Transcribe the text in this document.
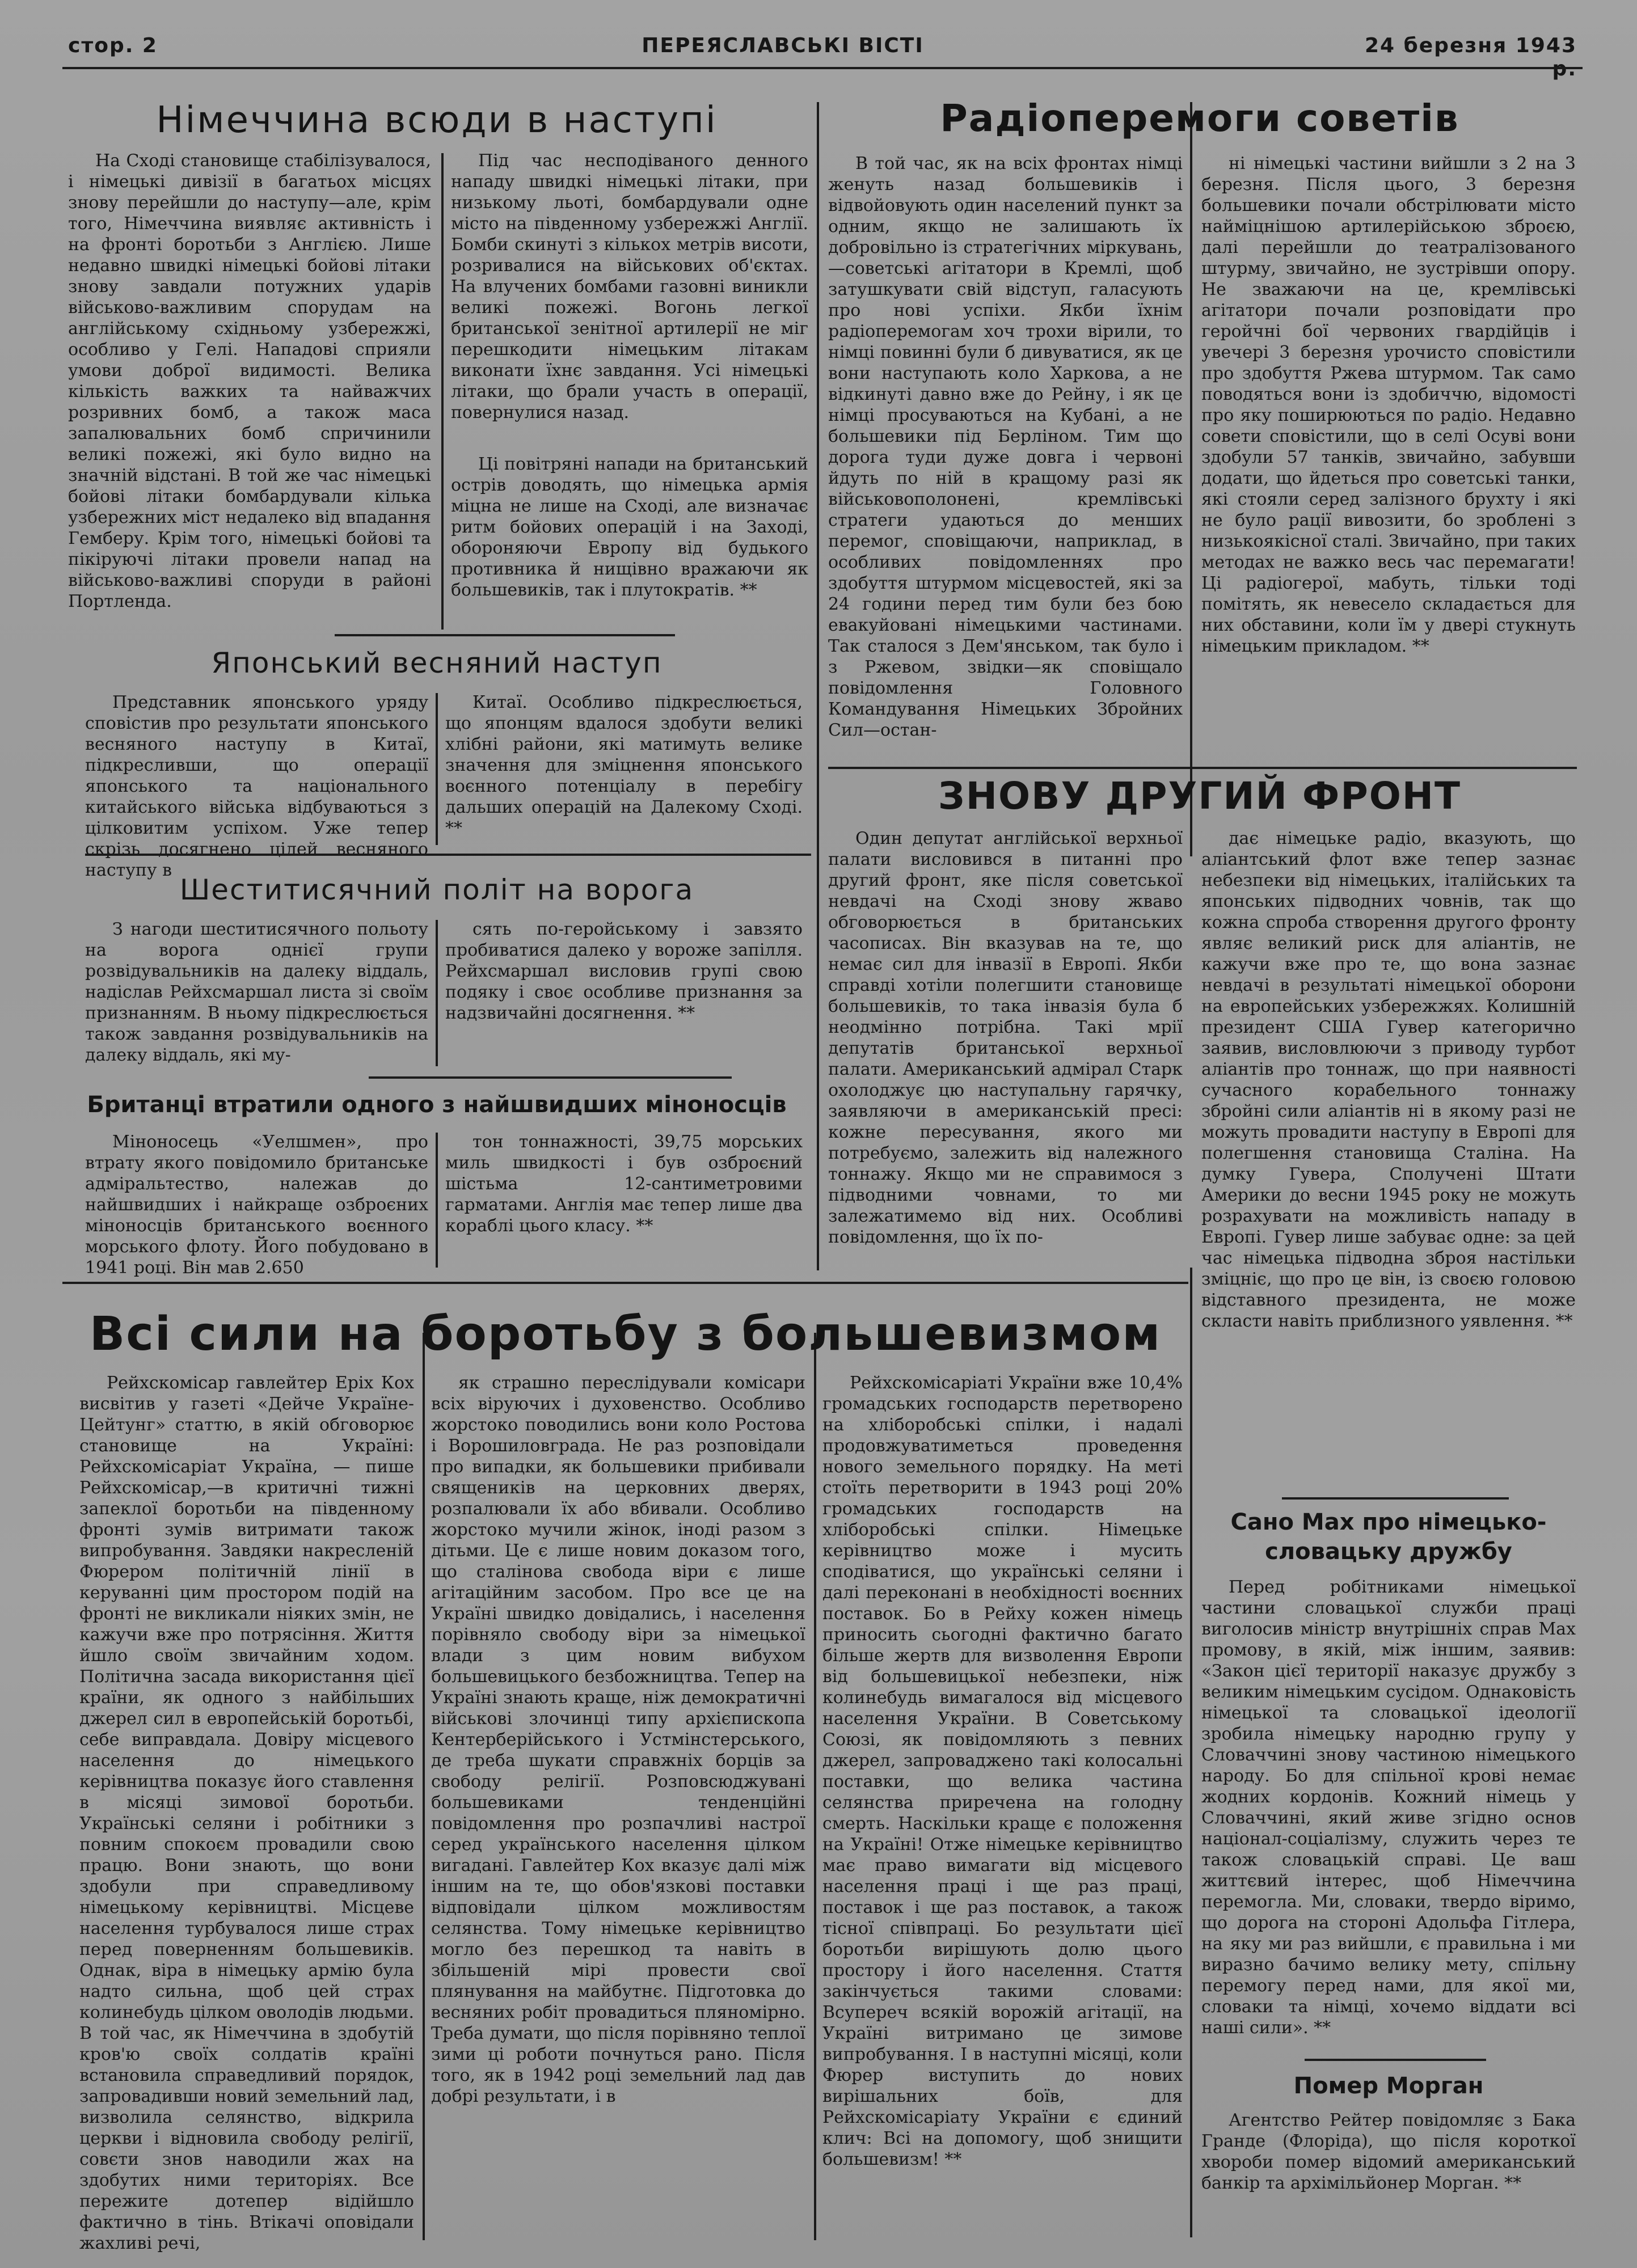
стор. 2	ПЕРЕЯСЛАВСЬКІ ВІСТІ	24 березня 1943 р.
Німеччина всюди в наступі

На Сході становище стабілізувалося, і німецькі дивізії в багатьох місцях знову перейшли до наступу—але, крім того, Німеччина виявляє активність і на фронті боротьби з Англією. Лише недавно швидкі німецькі бойові літаки знову завдали потужних ударів військово-важливим спорудам на англійському східньому узбережжі, особливо у Гелі. Нападові сприяли умови доброї видимості. Велика кількість важких та найважчих розривних бомб, а також маса запалювальних бомб спричинили великі пожежі, які було видно на значній відстані. В той же час німецькі бойові літаки бомбардували кілька узбережних міст недалеко від впадання Гемберу. Крім того, німецькі бойові та пікіруючі літаки провели напад на військово-важливі споруди в районі Портленда.

Під час несподіваного денного нападу швидкі німецькі літаки, при низькому льоті, бомбардували одне місто на південному узбережжі Англії. Бомби скинуті з кількох метрів висоти, розривалися на військових об'єктах. На влучених бомбами газовні виникли великі пожежі. Вогонь легкої британської зенітної артилерії не міг перешкодити німецьким літакам виконати їхнє завдання. Усі німецькі літаки, що брали участь в операції, повернулися назад.

Ці повітряні напади на британський острів доводять, що німецька армія міцна не лише на Сході, але визначає ритм бойових операцій і на Заході, обороняючи Европу від будького противника й нищівно вражаючи як большевиків, так і плутократів. **

Японський весняний наступ

Представник японського уряду сповістив про результати японського весняного наступу в Китаї, підкресливши, що операції японського та національного китайського війська відбуваються з цілковитим успіхом. Уже тепер скрізь досягнено цілей весняного наступу в

Китаї. Особливо підкреслюється, що японцям вдалося здобути великі хлібні райони, які матимуть велике значення для зміцнення японського воєнного потенціалу в перебігу дальших операцій на Далекому Сході. **

Шеститисячний політ на ворога

З нагоди шеститисячного польоту на ворога однієї групи розвідувальників на далеку віддаль, надіслав Рейхсмаршал листа зі своїм признанням. В ньому підкреслюється також завдання розвідувальників на далеку віддаль, які му-

сять по-геройському і завзято пробиватися далеко у вороже запілля. Рейхсмаршал висловив групі свою подяку і своє особливе признання за надзвичайні досягнення. **

Британці втратили одного з найшвидших міноносців

Міноносець «Уелшмен», про втрату якого повідомило британське адміральтество, належав до найшвидших і найкраще озброєних міноносців британського воєнного морського флоту. Його побудовано в 1941 році. Він мав 2.650

тон тоннажності, 39,75 морських миль швидкості і був озброєний шістьма 12-сантиметровими гарматами. Англія має тепер лише два кораблі цього класу. **

Радіоперемоги советів

В той час, як на всіх фронтах німці женуть назад большевиків і відвойовують один населений пункт за одним, якщо не залишають їх добровільно із стратегічних міркувань,—советські агітатори в Кремлі, щоб затушкувати свій відступ, галасують про нові успіхи. Якби їхнім радіоперемогам хоч трохи вірили, то німці повинні були б дивуватися, як це вони наступають коло Харкова, а не відкинуті давно вже до Рейну, і як це німці просуваються на Кубані, а не большевики під Берліном. Тим що дорога туди дуже довга і червоні йдуть по ній в кращому разі як військовополонені, кремлівські стратеги удаються до менших перемог, сповіщаючи, наприклад, в особливих повідомленнях про здобуття штурмом місцевостей, які за 24 години перед тим були без бою евакуйовані німецькими частинами. Так сталося з Дем'янськом, так було і з Ржевом, звідки—як сповіщало повідомлення Головного Командування Німецьких Збройних Сил—остан-

ні німецькі частини вийшли з 2 на 3 березня. Після цього, 3 березня большевики почали обстрілювати місто найміцнішою артилерійською зброєю, далі перейшли до театралізованого штурму, звичайно, не зустрівши опору. Не зважаючи на це, кремлівські агітатори почали розповідати про геройчні бої червоних гвардійців і увечері 3 березня урочисто сповістили про здобуття Ржева штурмом. Так само поводяться вони із здобиччю, відомості про яку поширюються по радіо. Недавно совети сповістили, що в селі Осуві вони здобули 57 танків, звичайно, забувши додати, що йдеться про советські танки, які стояли серед залізного брухту і які не було рації вивозити, бо зроблені з низькоякісної сталі. Звичайно, при таких методах не важко весь час перемагати! Ці радіогерої, мабуть, тільки тоді помітять, як невесело складається для них обставини, коли їм у двері стукнуть німецьким прикладом. **

ЗНОВУ ДРУГИЙ ФРОНТ

Один депутат англійської верхньої палати висловився в питанні про другий фронт, яке після советської невдачі на Сході знову жваво обговорюється в британських часописах. Він вказував на те, що немає сил для інвазії в Европі. Якби справді хотіли полегшити становище большевиків, то така інвазія була б неодмінно потрібна. Такі мрії депутатів британської верхньої палати. Американський адмірал Старк охолоджує цю наступальну гарячку, заявляючи в американській пресі: кожне пересування, якого ми потребуємо, залежить від належного тоннажу. Якщо ми не справимося з підводними човнами, то ми залежатимемо від них. Особливі повідомлення, що їх по-

дає німецьке радіо, вказують, що аліантський флот вже тепер зазнає небезпеки від німецьких, італійських та японських підводних човнів, так що кожна спроба створення другого фронту являє великий риск для аліантів, не кажучи вже про те, що вона зазнає невдачі в результаті німецької оборони на европейських узбережжях. Колишній президент США Гувер категорично заявив, висловлюючи з приводу турбот аліантів про тоннаж, що при наявності сучасного корабельного тоннажу збройні сили аліантів ні в якому разі не можуть провадити наступу в Европі для полегшення становища Сталіна. На думку Гувера, Сполучені Штати Америки до весни 1945 року не можуть розрахувати на можливість нападу в Европі. Гувер лише забуває одне: за цей час німецька підводна зброя настільки зміцніє, що про це він, із своєю головою відставного президента, не може скласти навіть приблизного уявлення. **

Всі сили на боротьбу з большевизмом

Рейхскомісар гавлейтер Еріх Кох висвітив у газеті «Дейче Україне-Цейтунг» статтю, в якій обговорює становище на Україні: Рейхскомісаріат Україна, — пише Рейхскомісар,—в критичні тижні запеклої боротьби на південному фронті зумів витримати також випробування. Завдяки накресленій Фюрером політичній лінії в керуванні цим простором подій на фронті не викликали ніяких змін, не кажучи вже про потрясіння. Життя йшло своїм звичайним ходом. Політична засада використання цієї країни, як одного з найбільших джерел сил в европейській боротьбі, себе виправдала. Довіру місцевого населення до німецького керівництва показує його ставлення в місяці зимової боротьби. Українські селяни і робітники з повним спокоєм провадили свою працю. Вони знають, що вони здобули при справедливому німецькому керівництві. Місцеве населення турбувалося лише страх перед поверненням большевиків. Однак, віра в німецьку армію була надто сильна, щоб цей страх колинебудь цілком оволодів людьми. В той час, як Німеччина в здобутій кров'ю своїх солдатів країні встановила справедливий порядок, запровадивши новий земельний лад, визволила селянство, відкрила церкви і відновила свободу релігії, совєти знов наводили жах на здобутих ними територіях. Все пережите дотепер відійшло фактично в тінь. Втікачі оповідали жахливі речі,

як страшно переслідували комісари всіх віруючих і духовенство. Особливо жорстоко поводились вони коло Ростова і Ворошиловграда. Не раз розповідали про випадки, як большевики прибивали священиків на церковних дверях, розпалювали їх або вбивали. Особливо жорстоко мучили жінок, іноді разом з дітьми. Це є лише новим доказом того, що сталінова свобода віри є лише агітаційним засобом. Про все це на Україні швидко довідались, і населення порівняло свободу віри за німецької влади з цим новим вибухом большевицького безбожництва. Тепер на Україні знають краще, ніж демократичні військові злочинці типу архієпископа Кентерберійського і Устмінстерського, де треба шукати справжніх борців за свободу релігії. Розповсюджувані большевиками тенденційні повідомлення про розпачливі настрої серед українського населення цілком вигадані. Гавлейтер Кох вказує далі між іншим на те, що обов'язкові поставки відповідали цілком можливостям селянства. Тому німецьке керівництво могло без перешкод та навіть в збільшеній мірі провести свої плянування на майбутнє. Підготовка до весняних робіт провадиться пляномірно. Треба думати, що після порівняно теплої зими ці роботи почнуться рано. Після того, як в 1942 році земельний лад дав добрі результати, і в

Рейхскомісаріаті України вже 10,4% громадських господарств перетворено на хліборобські спілки, і надалі продовжуватиметься проведення нового земельного порядку. На меті стоїть перетворити в 1943 році 20% громадських господарств на хліборобські спілки. Німецьке керівництво може і мусить сподіватися, що українські селяни і далі переконані в необхідності воєнних поставок. Бо в Рейху кожен німець приносить сьогодні фактично багато більше жертв для визволення Европи від большевицької небезпеки, ніж колинебудь вимагалося від місцевого населення України. В Советському Союзі, як повідомляють з певних джерел, запроваджено такі колосальні поставки, що велика частина селянства приречена на голодну смерть. Наскільки краще є положення на Україні! Отже німецьке керівництво має право вимагати від місцевого населення праці і ще раз праці, поставок і ще раз поставок, а також тісної співпраці. Бо результати цієї боротьби вирішують долю цього простору і його населення. Стаття закінчується такими словами: Всупереч всякій ворожій агітації, на Україні витримано це зимове випробування. І в наступні місяці, коли Фюрер виступить до нових вирішальних боїв, для Рейхскомісаріату України є єдиний клич: Всі на допомогу, щоб знищити большевизм! **

Сано Мах про німецько-словацьку дружбу

Перед робітниками німецької частини словацької служби праці виголосив міністр внутрішніх справ Мах промову, в якій, між іншим, заявив: «Закон цієї території наказує дружбу з великим німецьким сусідом. Однаковість німецької та словацької ідеології зробила німецьку народню групу у Словаччині знову частиною німецького народу. Бо для спільної крові немає жодних кордонів. Кожний німець у Словаччині, який живе згідно основ націонал-соціалізму, служить через те також словацькій справі. Це ваш життєвий інтерес, щоб Німеччина перемогла. Ми, словаки, твердо віримо, що дорога на стороні Адольфа Гітлера, на яку ми раз вийшли, є правильна і ми виразно бачимо велику мету, спільну перемогу перед нами, для якої ми, словаки та німці, хочемо віддати всі наші сили». **

Помер Морган

Агентство Рейтер повідомляє з Бака Гранде (Флоріда), що після короткої хвороби помер відомий американський банкір та архімільйонер Морган. **
